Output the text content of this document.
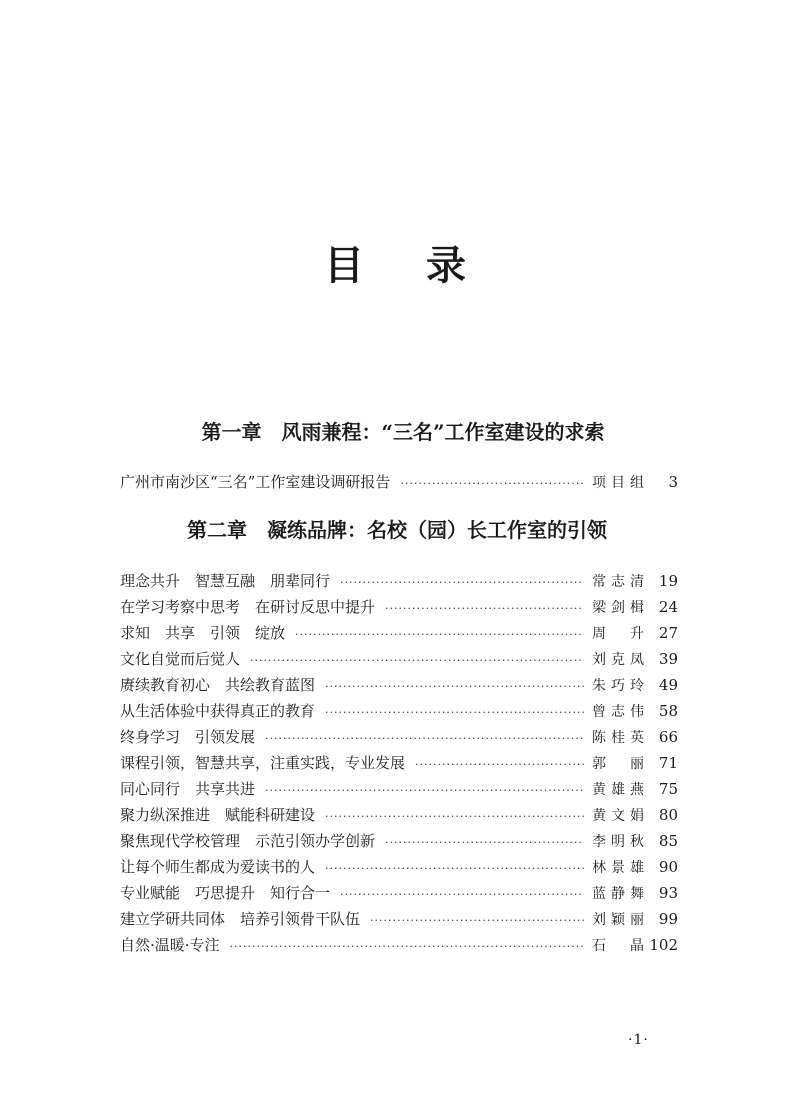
目录
第一章　风雨兼程：“三名”工作室建设的求索
广州市南沙区“三名”工作室建设调研报告 ·····	项目组	3
第二章　凝练品牌：名校（园）长工作室的引领
理念共升　智慧互融　朋辈同行 ·····	常志清 19
在学习考察中思考　在研讨反思中提升 ·····	梁剑楫 24
求知　共享　引领　绽放 ·····	周升 27
文化自觉而后觉人 ·····	刘克凤 39
赓续教育初心　共绘教育蓝图 ·····	朱巧玲 49
从生活体验中获得真正的教育 ·····	曾志伟 58
终身学习　引领发展 ·····	陈桂英 66
课程引领，智慧共享，注重实践，专业发展 ·····	郭丽 71
同心同行　共享共进 ·····	黄雄燕 75
聚力纵深推进　赋能科研建设 ·····	黄文娟 80
聚焦现代学校管理　示范引领办学创新 ·····	李明秋 85
让每个师生都成为爱读书的人 ·····	林景雄 90
专业赋能　巧思提升　知行合一 ·····	蓝静舞 93
建立学研共同体　培养引领骨干队伍 ·····	刘颖丽 99
自然·温暖·专注 ·····	石晶 102
·1·
